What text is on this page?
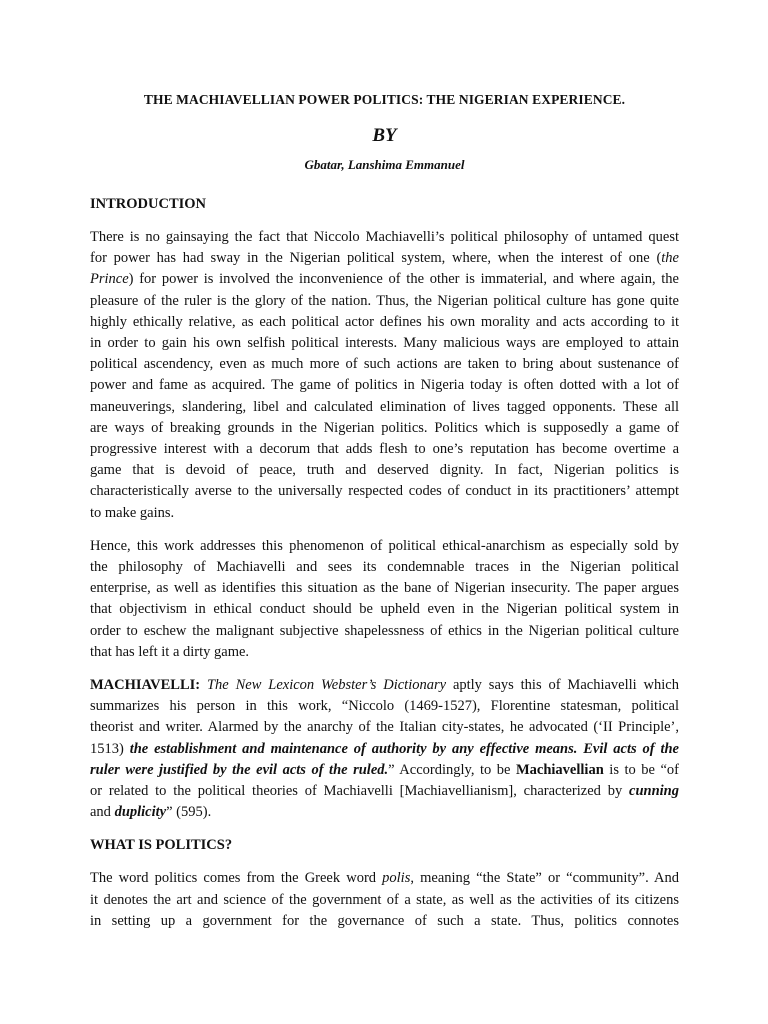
THE MACHIAVELLIAN POWER POLITICS: THE NIGERIAN EXPERIENCE.
BY
Gbatar, Lanshima Emmanuel
INTRODUCTION
There is no gainsaying the fact that Niccolo Machiavelli’s political philosophy of untamed quest
for power has had sway in the Nigerian political system, where, when the interest of one (the
Prince) for power is involved the inconvenience of the other is immaterial, and where again, the
pleasure of the ruler is the glory of the nation. Thus, the Nigerian political culture has gone quite
highly ethically relative, as each political actor defines his own morality and acts according to it
in order to gain his own selfish political interests. Many malicious ways are employed to attain
political ascendency, even as much more of such actions are taken to bring about sustenance of
power and fame as acquired. The game of politics in Nigeria today is often dotted with a lot of
maneuverings, slandering, libel and calculated elimination of lives tagged opponents. These all
are ways of breaking grounds in the Nigerian politics. Politics which is supposedly a game of
progressive interest with a decorum that adds flesh to one’s reputation has become overtime a
game that is devoid of peace, truth and deserved dignity. In fact, Nigerian politics is
characteristically averse to the universally respected codes of conduct in its practitioners’ attempt
to make gains.
Hence, this work addresses this phenomenon of political ethical-anarchism as especially sold by
the philosophy of Machiavelli and sees its condemnable traces in the Nigerian political
enterprise, as well as identifies this situation as the bane of Nigerian insecurity. The paper argues
that objectivism in ethical conduct should be upheld even in the Nigerian political system in
order to eschew the malignant subjective shapelessness of ethics in the Nigerian political culture
that has left it a dirty game.
MACHIAVELLI: The New Lexicon Webster’s Dictionary aptly says this of Machiavelli which
summarizes his person in this work, “Niccolo (1469-1527), Florentine statesman, political
theorist and writer. Alarmed by the anarchy of the Italian city-states, he advocated (‘II Principle’,
1513) the establishment and maintenance of authority by any effective means. Evil acts of the
ruler were justified by the evil acts of the ruled.” Accordingly, to be Machiavellian is to be “of
or related to the political theories of Machiavelli [Machiavellianism], characterized by cunning
and duplicity” (595).
WHAT IS POLITICS?
The word politics comes from the Greek word polis, meaning “the State” or “community”. And
it denotes the art and science of the government of a state, as well as the activities of its citizens
in setting up a government for the governance of such a state. Thus, politics connotes
